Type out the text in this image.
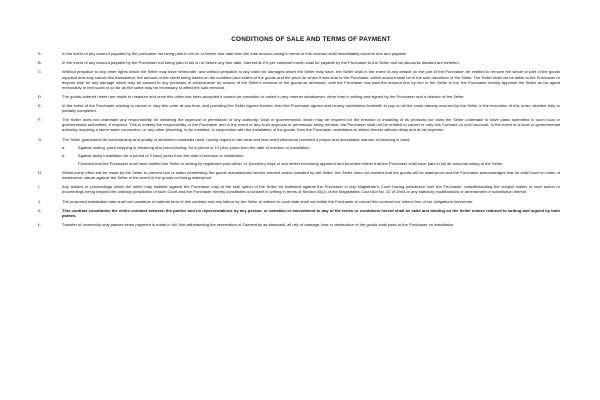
CONDITIONS OF SALE AND TERMS OF PAYMENT
A.	In the event of any amount payable by the purchaser not being paid in full on or before due date then the total amount owing in terms of this contract shall immediately become due and payable.
B.	In the event of any amount payable by the Purchaser not being paid in full on or before any due date, interest at 2% per calendar month shall be payable by the Purchaser to the Seller and all discounts detailed are forfeited.
C.	Without prejudice to any other rights which the Seller may have hereunder, and without prejudice to any claim for damages which the Seller may have, the Seller shall in the event of any default on the part of the Purchaser, be entitled to remove the whole or part of the goods supplied and may cancel this transaction, the amount of the credit being based on the condition and extent of the goods and the price for which it was sold to the Purchaser, which amount shall be in the sole discretion of the Seller. The Seller shall not be liable to the Purchaser or anyone else for any damage which may be caused to any premises of whomsoever by reason of the Seller's removal of the goods as aforesaid, until the Purchaser has paid the amount due by him to the Seller in full, the Purchaser hereby appoints the Seller as his agent irrevocably in rem suam in so far as the same may be necessary to affect the said removal.
D.	The goods ordered herein are made to measure and once this order has been accepted it cannot be cancelled or varied in any manner whatsoever, other than in writing and signed by the Purchaser and a director of the Seller.
E.	In the event of the Purchaser wishing to cancel or vary this order at any time, and providing the Seller agrees thereto, then the Purchaser agrees and hereby undertakes forthwith to pay on all the costs already incurred by the Seller in the execution of this order, whether fully or partially completed.
F.	The Seller does not undertake any responsibility for obtaining the approval or permission of any authority: local or governmental, which may be required for the erection or installing of its products nor does the Seller undertake to have plans submitted to such local or governmental authorities, if required. This is entirely the responsibility of the Purchaser and in the event of any such approval or permission being refused, the Purchaser shall not be entitled to cancel or vary this Contract on such account. In the event of a local or governmental authority requiring a storm water connection, or any other plumbing, to be installed, in conjunction with the installation of the goods, then the Purchaser undertakes to attend thereto without delay and at his expense.
G.	The Seller guarantees its workmanship and quality of aluminium materials used, having regard to fair wear and tear and furthermore provided a proper and acceptable manner of cleaning is used:
a.	Against rusting, paint chipping or blistering and colour fading, for a period of 10 (ten) years from the date of erection or installation.
b.	Against faulty installation for a period of 2 (two) years from the date of erection or installation.
Provided that the Purchaser shall have notified the Seller in writing by registered post within 14 (fourteen) days of any defect becoming apparent and provided further that the Purchaser shall have paid in full all amounts owing to the Seller.
H.	Whilst every effort will be made by the Seller to prevent rain or water penetrating the goods manufactured and/or erected and/or installed by the Seller, the Seller does not warrant that the goods will be waterproof and the Purchaser acknowledges that he shall have no claim of whatsoever nature against the Seller in the event of the goods not being waterproof.
I.	Any actions or proceedings which the seller may institute against the Purchaser may at the sole option of the Seller be instituted against the Purchaser in any Magistrate's Court having jurisdiction over the Purchaser, notwithstanding the subject matter of such action or proceedings being beyond the ordinary jurisdiction of such Court and the Purchaser hereby constitutes a consent in writing in terms of Section 45(1) of the Magistrates Court Act No. 32 of 1944 or any statutory modifications or amendment or substitution thereof.
J.	The proposed installation date shall not constitute a material term of this contract and any failure by the Seller to adhere to such date shall not entitle the Purchaser to cancel this contract nor relieve him of his obligations hereunder.
K.	This contract constitutes the entire contract between the parties and no representations by any person, or variation or amendment to any of the terms or conditions hereof shall be valid and binding on the Seller unless reduced to writing and signed by both parties.
L.	Transfer of ownership only passes when payment is made in full. Not withstanding the reservation of Ownership as aforesaid, all risk of damage, loss or destruction of the goods shall pass to the Purchaser on installation.
